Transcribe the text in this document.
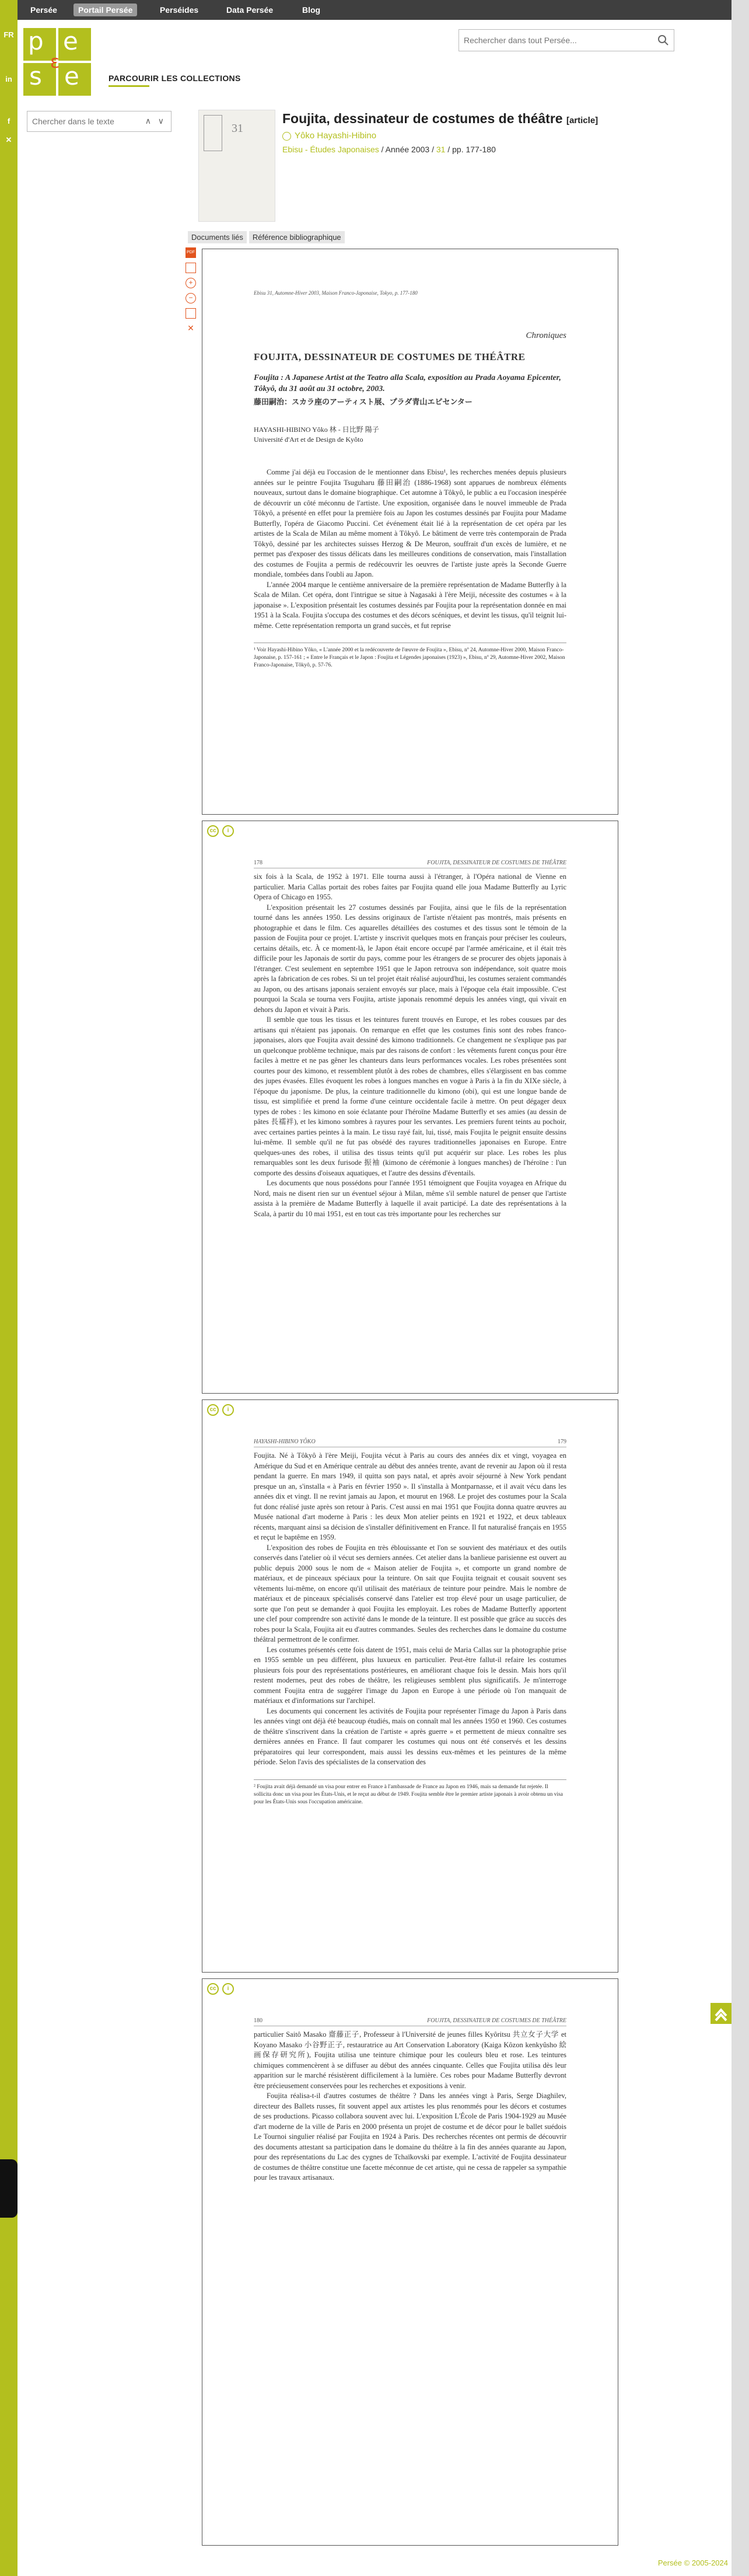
FR
in
f
✕
Persée	Portail Persée	Perséides	Data Persée	Blog
p e
s e
ε
PARCOURIR LES COLLECTIONS
Rechercher dans tout Persée...
Chercher dans le texte
∧ ∨
31
Foujita, dessinateur de costumes de théâtre [article]
Yôko Hayashi-Hibino
Ebisu - Études Japonaises / Année 2003 / 31 / pp. 177-180
Documents liés Référence bibliographique
PDF
+
−
✕
Ebisu 31, Automne-Hiver 2003, Maison Franco-Japonaise, Tokyo, p. 177-180
Chroniques
FOUJITA, DESSINATEUR DE COSTUMES DE THÉÂTRE
Foujita : A Japanese Artist at the Teatro alla Scala, exposition au Prada Aoyama Epicenter, Tôkyô, du 31 août au 31 octobre, 2003.
藤田嗣治：スカラ座のアーティスト展、プラダ青山エピセンター
HAYASHI-HIBINO Yôko 林 - 日比野 陽子
Université d'Art et de Design de Kyôto

Comme j'ai déjà eu l'occasion de le mentionner dans Ebisu¹, les recherches menées depuis plusieurs années sur le peintre Foujita Tsuguharu 藤田嗣治 (1886-1968) sont apparues de nombreux éléments nouveaux, surtout dans le domaine biographique. Cet automne à Tôkyô, le public a eu l'occasion inespérée de découvrir un côté méconnu de l'artiste. Une exposition, organisée dans le nouvel immeuble de Prada Tôkyô, a présenté en effet pour la première fois au Japon les costumes dessinés par Foujita pour Madame Butterfly, l'opéra de Giacomo Puccini. Cet événement était lié à la représentation de cet opéra par les artistes de la Scala de Milan au même moment à Tôkyô. Le bâtiment de verre très contemporain de Prada Tôkyô, dessiné par les architectes suisses Herzog & De Meuron, souffrait d'un excès de lumière, et ne permet pas d'exposer des tissus délicats dans les meilleures conditions de conservation, mais l'installation des costumes de Foujita a permis de redécouvrir les oeuvres de l'artiste juste après la Seconde Guerre mondiale, tombées dans l'oubli au Japon.

L'année 2004 marque le centième anniversaire de la première représentation de Madame Butterfly à la Scala de Milan. Cet opéra, dont l'intrigue se situe à Nagasaki à l'ère Meiji, nécessite des costumes « à la japonaise ». L'exposition présentait les costumes dessinés par Foujita pour la représentation donnée en mai 1951 à la Scala. Foujita s'occupa des costumes et des décors scéniques, et devint les tissus, qu'il teignit lui-même. Cette représentation remporta un grand succès, et fut reprise

¹ Voir Hayashi-Hibino Yôko, « L'année 2000 et la redécouverte de l'œuvre de Foujita », Ebisu, nº 24, Automne-Hiver 2000, Maison Franco-Japonaise, p. 157-161 ; « Entre le Français et le Japon : Foujita et Légendes japonaises (1923) », Ebisu, nº 29, Automne-Hiver 2002, Maison Franco-Japonaise, Tôkyô, p. 57-76.
cc i
178	FOUJITA, DESSINATEUR DE COSTUMES DE THÉÂTRE

six fois à la Scala, de 1952 à 1971. Elle tourna aussi à l'étranger, à l'Opéra national de Vienne en particulier. Maria Callas portait des robes faites par Foujita quand elle joua Madame Butterfly au Lyric Opera of Chicago en 1955.

L'exposition présentait les 27 costumes dessinés par Foujita, ainsi que le fils de la représentation tourné dans les années 1950. Les dessins originaux de l'artiste n'étaient pas montrés, mais présents en photographie et dans le film. Ces aquarelles détaillées des costumes et des tissus sont le témoin de la passion de Foujita pour ce projet. L'artiste y inscrivit quelques mots en français pour préciser les couleurs, certains détails, etc. À ce moment-là, le Japon était encore occupé par l'armée américaine, et il était très difficile pour les Japonais de sortir du pays, comme pour les étrangers de se procurer des objets japonais à l'étranger. C'est seulement en septembre 1951 que le Japon retrouva son indépendance, soit quatre mois après la fabrication de ces robes. Si un tel projet était réalisé aujourd'hui, les costumes seraient commandés au Japon, ou des artisans japonais seraient envoyés sur place, mais à l'époque cela était impossible. C'est pourquoi la Scala se tourna vers Foujita, artiste japonais renommé depuis les années vingt, qui vivait en dehors du Japon et vivait à Paris.

Il semble que tous les tissus et les teintures furent trouvés en Europe, et les robes cousues par des artisans qui n'étaient pas japonais. On remarque en effet que les costumes finis sont des robes franco-japonaises, alors que Foujita avait dessiné des kimono traditionnels. Ce changement ne s'explique pas par un quelconque problème technique, mais par des raisons de confort : les vêtements furent conçus pour être faciles à mettre et ne pas gêner les chanteurs dans leurs performances vocales. Les robes présentées sont courtes pour des kimono, et ressemblent plutôt à des robes de chambres, elles s'élargissent en bas comme des jupes évasées. Elles évoquent les robes à longues manches en vogue à Paris à la fin du XIXe siècle, à l'époque du japonisme. De plus, la ceinture traditionnelle du kimono (obi), qui est une longue bande de tissu, est simplifiée et prend la forme d'une ceinture occidentale facile à mettre. On peut dégager deux types de robes : les kimono en soie éclatante pour l'héroïne Madame Butterfly et ses amies (au dessin de pâtes 長襦袢), et les kimono sombres à rayures pour les servantes. Les premiers furent teints au pochoir, avec certaines parties peintes à la main. Le tissu rayé fait, lui, tissé, mais Foujita le peignit ensuite dessins lui-même. Il semble qu'il ne fut pas obsédé des rayures traditionnelles japonaises en Europe. Entre quelques-unes des robes, il utilisa des tissus teints qu'il put acquérir sur place. Les robes les plus remarquables sont les deux furisode 振袖 (kimono de cérémonie à longues manches) de l'héroïne : l'un comporte des dessins d'oiseaux aquatiques, et l'autre des dessins d'éventails.

Les documents que nous possédons pour l'année 1951 témoignent que Foujita voyagea en Afrique du Nord, mais ne disent rien sur un éventuel séjour à Milan, même s'il semble naturel de penser que l'artiste assista à la première de Madame Butterfly à laquelle il avait participé. La date des représentations à la Scala, à partir du 10 mai 1951, est en tout cas très importante pour les recherches sur

cc i
HAYASHI-HIBINO YÔKO	179

Foujita. Né à Tôkyô à l'ère Meiji, Foujita vécut à Paris au cours des années dix et vingt, voyagea en Amérique du Sud et en Amérique centrale au début des années trente, avant de revenir au Japon où il resta pendant la guerre. En mars 1949, il quitta son pays natal, et après avoir séjourné à New York pendant presque un an, s'installa « à Paris en février 1950 ». Il s'installa à Montparnasse, et il avait vécu dans les années dix et vingt. Il ne revint jamais au Japon, et mourut en 1968. Le projet des costumes pour la Scala fut donc réalisé juste après son retour à Paris. C'est aussi en mai 1951 que Foujita donna quatre œuvres au Musée national d'art moderne à Paris : les deux Mon atelier peints en 1921 et 1922, et deux tableaux récents, marquant ainsi sa décision de s'installer définitivement en France. Il fut naturalisé français en 1955 et reçut le baptême en 1959.

L'exposition des robes de Foujita en très éblouissante et l'on se souvient des matériaux et des outils conservés dans l'atelier où il vécut ses derniers années. Cet atelier dans la banlieue parisienne est ouvert au public depuis 2000 sous le nom de « Maison atelier de Foujita », et comporte un grand nombre de matériaux, et de pinceaux spéciaux pour la teinture. On sait que Foujita teignait et cousait souvent ses vêtements lui-même, on encore qu'il utilisait des matériaux de teinture pour peindre. Mais le nombre de matériaux et de pinceaux spécialisés conservé dans l'atelier est trop élevé pour un usage particulier, de sorte que l'on peut se demander à quoi Foujita les employait. Les robes de Madame Butterfly apportent une clef pour comprendre son activité dans le monde de la teinture. Il est possible que grâce au succès des robes pour la Scala, Foujita ait eu d'autres commandes. Seules des recherches dans le domaine du costume théâtral permettront de le confirmer.

Les costumes présentés cette fois datent de 1951, mais celui de Maria Callas sur la photographie prise en 1955 semble un peu différent, plus luxueux en particulier. Peut-être fallut-il refaire les costumes plusieurs fois pour des représentations postérieures, en améliorant chaque fois le dessin. Mais hors qu'il restent modernes, peut des robes de théâtre, les religieuses semblent plus significatifs. Je m'interroge comment Foujita entra de suggérer l'image du Japon en Europe à une période où l'on manquait de matériaux et d'informations sur l'archipel.

Les documents qui concernent les activités de Foujita pour représenter l'image du Japon à Paris dans les années vingt ont déjà été beaucoup étudiés, mais on connaît mal les années 1950 et 1960. Ces costumes de théâtre s'inscrivent dans la création de l'artiste « après guerre » et permettent de mieux connaître ses dernières années en France. Il faut comparer les costumes qui nous ont été conservés et les dessins préparatoires qui leur correspondent, mais aussi les dessins eux-mêmes et les peintures de la même période. Selon l'avis des spécialistes de la conservation des

² Foujita avait déjà demandé un visa pour entrer en France à l'ambassade de France au Japon en 1946, mais sa demande fut rejetée. Il sollicita donc un visa pour les États-Unis, et le reçut au début de 1949. Foujita semble être le premier artiste japonais à avoir obtenu un visa pour les États-Unis sous l'occupation américaine.
cc i
180	FOUJITA, DESSINATEUR DE COSTUMES DE THÉÂTRE

particulier Saitô Masako 齋藤正子, Professeur à l'Université de jeunes filles Kyôritsu 共立女子大学 et Koyano Masako 小谷野正子, restauratrice au Art Conservation Laboratory (Kaiga Kôzon kenkyûsho 絵画保存研究所), Foujita utilisa une teinture chimique pour les couleurs bleu et rose. Les teintures chimiques commencèrent à se diffuser au début des années cinquante. Celles que Foujita utilisa dès leur apparition sur le marché résistèrent difficilement à la lumière. Ces robes pour Madame Butterfly devront être précieusement conservées pour les recherches et expositions à venir.

Foujita réalisa-t-il d'autres costumes de théâtre ? Dans les années vingt à Paris, Serge Diaghilev, directeur des Ballets russes, fit souvent appel aux artistes les plus renommés pour les décors et costumes de ses productions. Picasso collabora souvent avec lui. L'exposition L'École de Paris 1904-1929 au Musée d'art moderne de la ville de Paris en 2000 présenta un projet de costume et de décor pour le ballet suédois Le Tournoi singulier réalisé par Foujita en 1924 à Paris. Des recherches récentes ont permis de découvrir des documents attestant sa participation dans le domaine du théâtre à la fin des années quarante au Japon, pour des représentations du Lac des cygnes de Tchaïkovski par exemple. L'activité de Foujita dessinateur de costumes de théâtre constitue une facette méconnue de cet artiste, qui ne cessa de rappeler sa sympathie pour les travaux artisanaux.

Persée © 2005-2024
